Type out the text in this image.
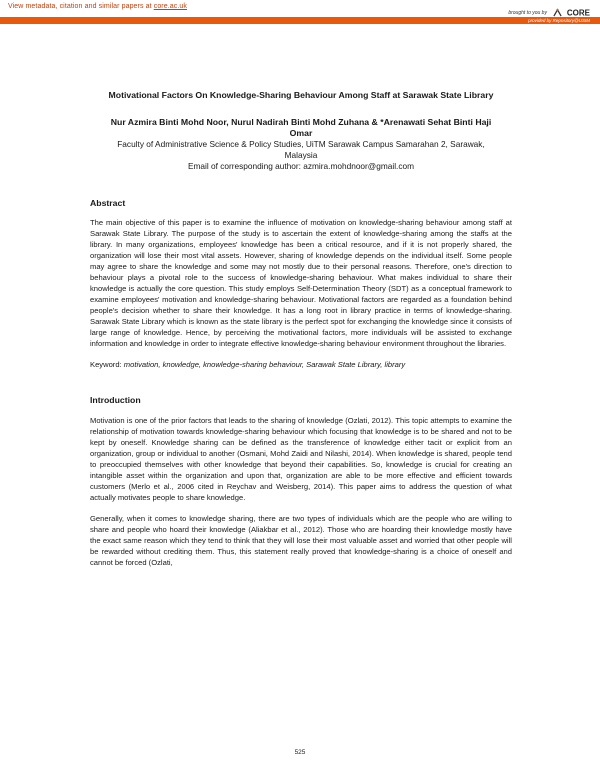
View metadata, citation and similar papers at core.ac.uk
brought to you by CORE
provided by Repository@USIM

Motivational Factors On Knowledge-Sharing Behaviour Among Staff at Sarawak State Library

Nur Azmira Binti Mohd Noor, Nurul Nadirah Binti Mohd Zuhana & *Arenawati Sehat Binti Haji

Omar

Faculty of Administrative Science & Policy Studies, UiTM Sarawak Campus Samarahan 2, Sarawak,

Malaysia

Email of corresponding author: azmira.mohdnoor@gmail.com

Abstract

The main objective of this paper is to examine the influence of motivation on knowledge-sharing behaviour among staff at Sarawak State Library. The purpose of the study is to ascertain the extent of knowledge-sharing among the staffs at the library. In many organizations, employees' knowledge has been a critical resource, and if it is not properly shared, the organization will lose their most vital assets. However, sharing of knowledge depends on the individual itself. Some people may agree to share the knowledge and some may not mostly due to their personal reasons. Therefore, one's direction to behaviour plays a pivotal role to the success of knowledge-sharing behaviour. What makes individual to share their knowledge is actually the core question. This study employs Self-Determination Theory (SDT) as a conceptual framework to examine employees' motivation and knowledge-sharing behaviour. Motivational factors are regarded as a foundation behind people's decision whether to share their knowledge. It has a long root in library practice in terms of knowledge-sharing. Sarawak State Library which is known as the state library is the perfect spot for exchanging the knowledge since it consists of large range of knowledge. Hence, by perceiving the motivational factors, more individuals will be assisted to exchange information and knowledge in order to integrate effective knowledge-sharing behaviour environment throughout the libraries.

Keyword: motivation, knowledge, knowledge-sharing behaviour, Sarawak State Library, library

Introduction

Motivation is one of the prior factors that leads to the sharing of knowledge (Ozlati, 2012). This topic attempts to examine the relationship of motivation towards knowledge-sharing behaviour which focusing that knowledge is to be shared and not to be kept by oneself. Knowledge sharing can be defined as the transference of knowledge either tacit or explicit from an organization, group or individual to another (Osmani, Mohd Zaidi and Nilashi, 2014). When knowledge is shared, people tend to preoccupied themselves with other knowledge that beyond their capabilities. So, knowledge is crucial for creating an intangible asset within the organization and upon that, organization are able to be more effective and efficient towards customers (Merlo et al., 2006 cited in Reychav and Weisberg, 2014). This paper aims to address the question of what actually motivates people to share knowledge.

Generally, when it comes to knowledge sharing, there are two types of individuals which are the people who are willing to share and people who hoard their knowledge (Aliakbar et al., 2012). Those who are hoarding their knowledge mostly have the exact same reason which they tend to think that they will lose their most valuable asset and worried that other people will be rewarded without crediting them. Thus, this statement really proved that knowledge-sharing is a choice of oneself and cannot be forced (Ozlati,

525
